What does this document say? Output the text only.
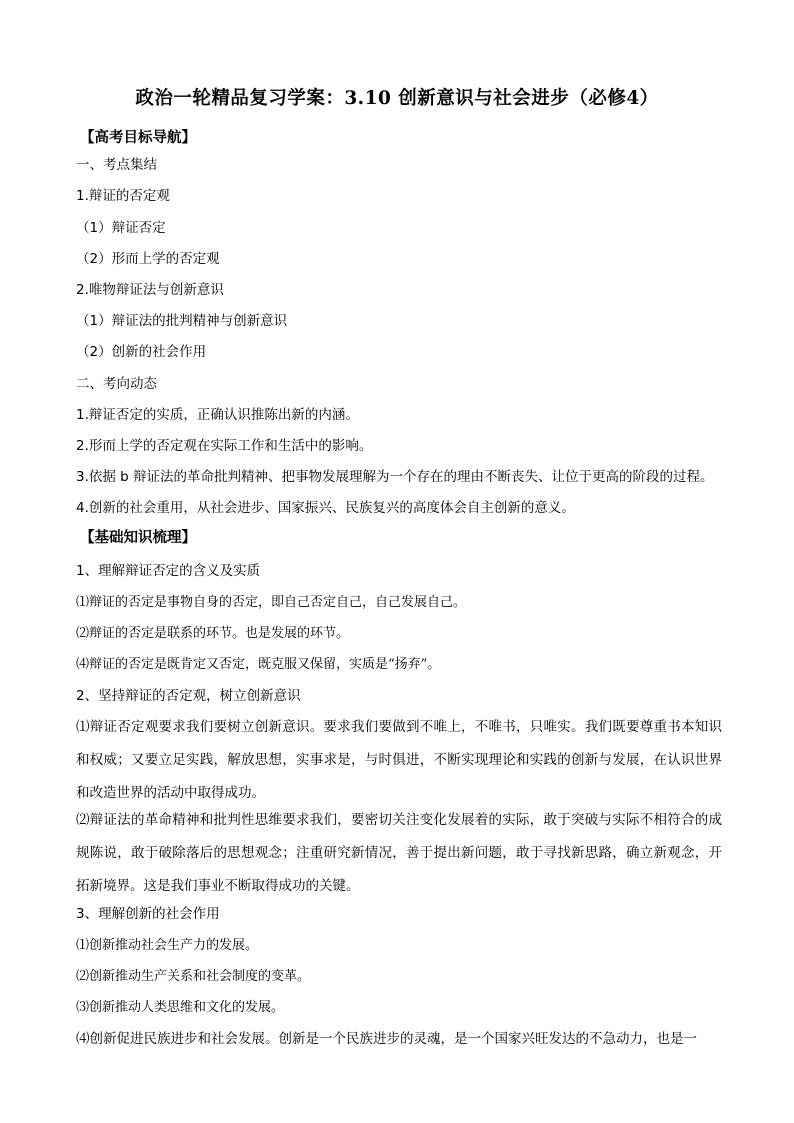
政治一轮精品复习学案：3.10 创新意识与社会进步（必修4）
【高考目标导航】
一、考点集结
1.辩证的否定观
（1）辩证否定
（2）形而上学的否定观
2.唯物辩证法与创新意识
（1）辩证法的批判精神与创新意识
（2）创新的社会作用
二、考向动态
1.辩证否定的实质，正确认识推陈出新的内涵。
2.形而上学的否定观在实际工作和生活中的影响。
3.依据 b 辩证法的革命批判精神、把事物发展理解为一个存在的理由不断丧失、让位于更高的阶段的过程。
4.创新的社会重用，从社会进步、国家振兴、民族复兴的高度体会自主创新的意义。
【基础知识梳理】
1、理解辩证否定的含义及实质
⑴辩证的否定是事物自身的否定，即自己否定自己，自己发展自己。
⑵辩证的否定是联系的环节。也是发展的环节。
⑷辩证的否定是既肯定又否定，既克服又保留，实质是“扬弃”。
2、坚持辩证的否定观，树立创新意识
⑴辩证否定观要求我们要树立创新意识。要求我们要做到不唯上，不唯书，只唯实。我们既要尊重书本知识和权威；又要立足实践，解放思想，实事求是，与时俱进，不断实现理论和实践的创新与发展，在认识世界和改造世界的活动中取得成功。
⑵辩证法的革命精神和批判性思维要求我们，要密切关注变化发展着的实际，敢于突破与实际不相符合的成规陈说，敢于破除落后的思想观念；注重研究新情况，善于提出新问题，敢于寻找新思路，确立新观念，开拓新境界。这是我们事业不断取得成功的关键。
3、理解创新的社会作用
⑴创新推动社会生产力的发展。
⑵创新推动生产关系和社会制度的变革。
⑶创新推动人类思维和文化的发展。
⑷创新促进民族进步和社会发展。创新是一个民族进步的灵魂，是一个国家兴旺发达的不急动力，也是一
